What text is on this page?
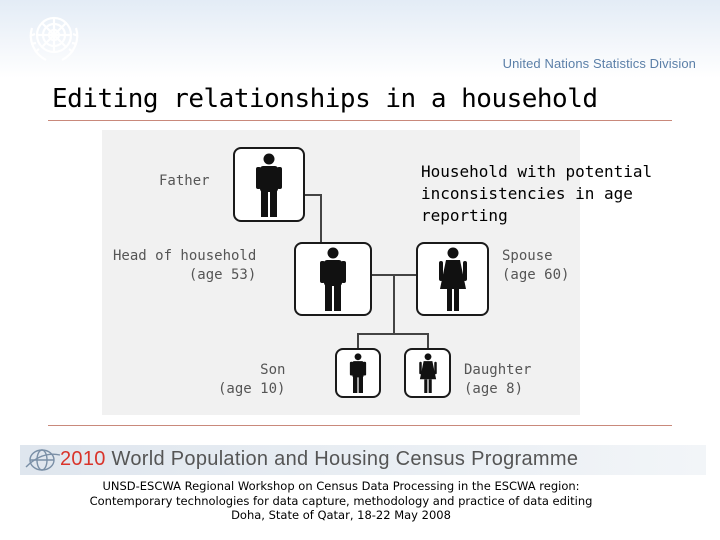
United Nations Statistics Division
Editing relationships in a household
Father
Head of household
(age 53)
Spouse
(age 60)
Son
(age 10)
Daughter
(age 8)
Household with potential inconsistencies in age reporting
2010 World Population and Housing Census Programme
UNSD-ESCWA Regional Workshop on Census Data Processing in the ESCWA region:
Contemporary technologies for data capture, methodology and practice of data editing
Doha, State of Qatar, 18-22 May 2008
